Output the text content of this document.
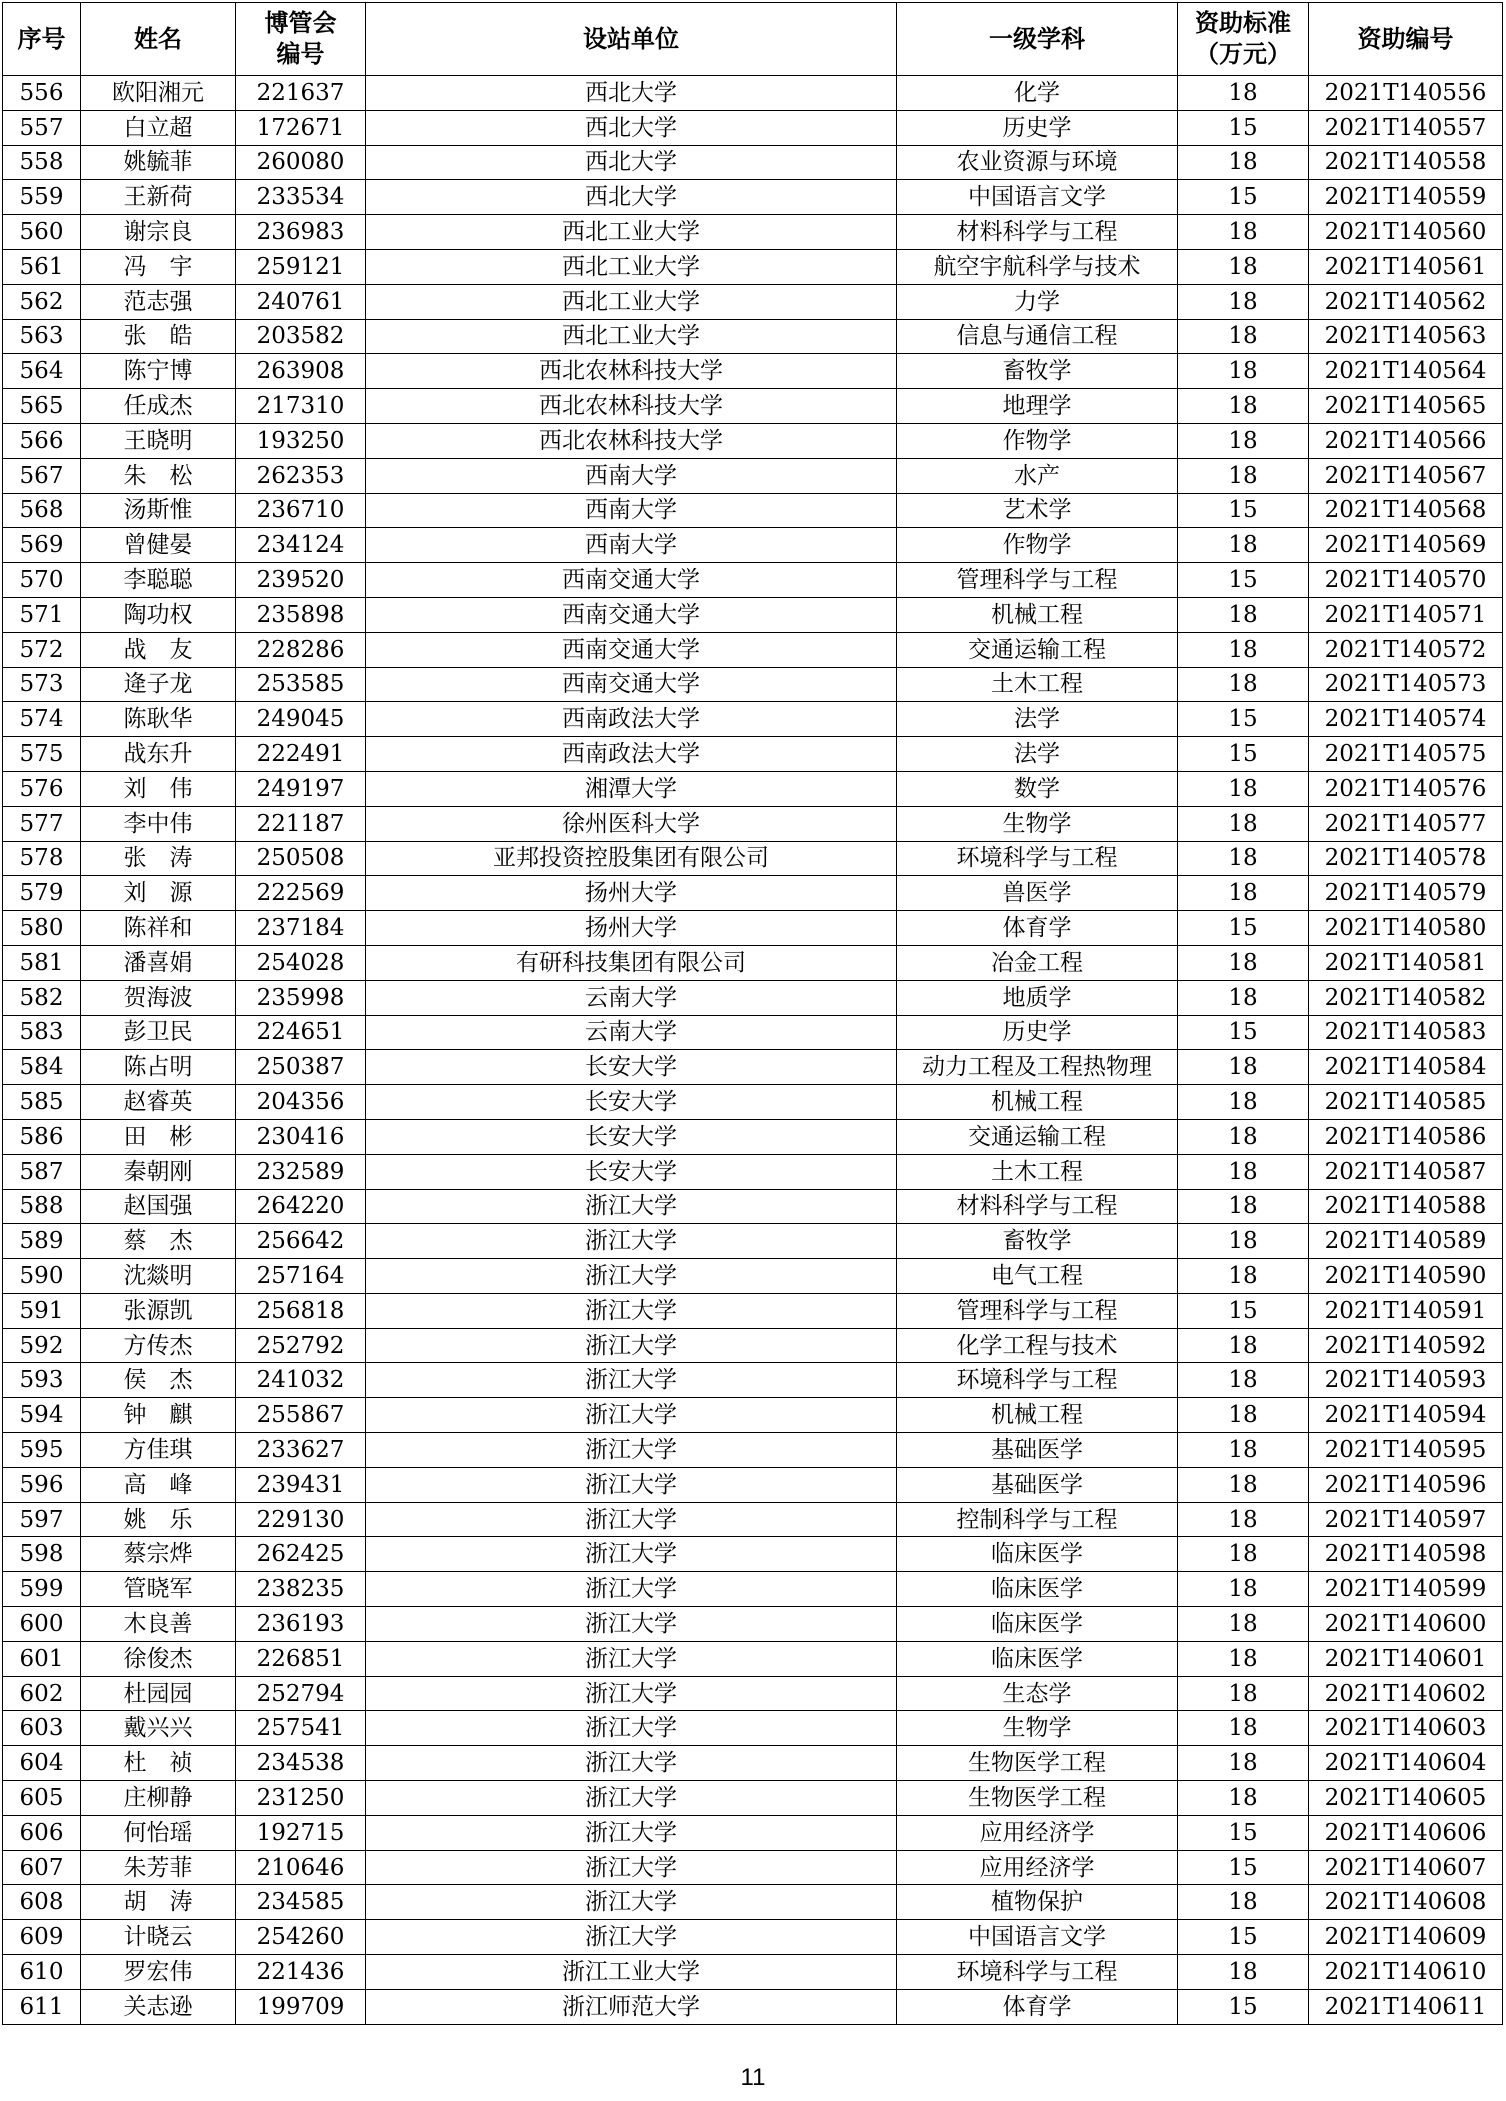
序号	姓名	博管会
编号	设站单位	一级学科	资助标准
（万元）	资助编号
556	欧阳湘元	221637	西北大学	化学	18	2021T140556
557	白立超	172671	西北大学	历史学	15	2021T140557
558	姚毓菲	260080	西北大学	农业资源与环境	18	2021T140558
559	王新荷	233534	西北大学	中国语言文学	15	2021T140559
560	谢宗良	236983	西北工业大学	材料科学与工程	18	2021T140560
561	冯　宇	259121	西北工业大学	航空宇航科学与技术	18	2021T140561
562	范志强	240761	西北工业大学	力学	18	2021T140562
563	张　皓	203582	西北工业大学	信息与通信工程	18	2021T140563
564	陈宁博	263908	西北农林科技大学	畜牧学	18	2021T140564
565	任成杰	217310	西北农林科技大学	地理学	18	2021T140565
566	王晓明	193250	西北农林科技大学	作物学	18	2021T140566
567	朱　松	262353	西南大学	水产	18	2021T140567
568	汤斯惟	236710	西南大学	艺术学	15	2021T140568
569	曾健晏	234124	西南大学	作物学	18	2021T140569
570	李聪聪	239520	西南交通大学	管理科学与工程	15	2021T140570
571	陶功权	235898	西南交通大学	机械工程	18	2021T140571
572	战　友	228286	西南交通大学	交通运输工程	18	2021T140572
573	逄子龙	253585	西南交通大学	土木工程	18	2021T140573
574	陈耿华	249045	西南政法大学	法学	15	2021T140574
575	战东升	222491	西南政法大学	法学	15	2021T140575
576	刘　伟	249197	湘潭大学	数学	18	2021T140576
577	李中伟	221187	徐州医科大学	生物学	18	2021T140577
578	张　涛	250508	亚邦投资控股集团有限公司	环境科学与工程	18	2021T140578
579	刘　源	222569	扬州大学	兽医学	18	2021T140579
580	陈祥和	237184	扬州大学	体育学	15	2021T140580
581	潘喜娟	254028	有研科技集团有限公司	冶金工程	18	2021T140581
582	贺海波	235998	云南大学	地质学	18	2021T140582
583	彭卫民	224651	云南大学	历史学	15	2021T140583
584	陈占明	250387	长安大学	动力工程及工程热物理	18	2021T140584
585	赵睿英	204356	长安大学	机械工程	18	2021T140585
586	田　彬	230416	长安大学	交通运输工程	18	2021T140586
587	秦朝刚	232589	长安大学	土木工程	18	2021T140587
588	赵国强	264220	浙江大学	材料科学与工程	18	2021T140588
589	蔡　杰	256642	浙江大学	畜牧学	18	2021T140589
590	沈燚明	257164	浙江大学	电气工程	18	2021T140590
591	张源凯	256818	浙江大学	管理科学与工程	15	2021T140591
592	方传杰	252792	浙江大学	化学工程与技术	18	2021T140592
593	侯　杰	241032	浙江大学	环境科学与工程	18	2021T140593
594	钟　麒	255867	浙江大学	机械工程	18	2021T140594
595	方佳琪	233627	浙江大学	基础医学	18	2021T140595
596	高　峰	239431	浙江大学	基础医学	18	2021T140596
597	姚　乐	229130	浙江大学	控制科学与工程	18	2021T140597
598	蔡宗烨	262425	浙江大学	临床医学	18	2021T140598
599	管晓军	238235	浙江大学	临床医学	18	2021T140599
600	木良善	236193	浙江大学	临床医学	18	2021T140600
601	徐俊杰	226851	浙江大学	临床医学	18	2021T140601
602	杜园园	252794	浙江大学	生态学	18	2021T140602
603	戴兴兴	257541	浙江大学	生物学	18	2021T140603
604	杜　祯	234538	浙江大学	生物医学工程	18	2021T140604
605	庄柳静	231250	浙江大学	生物医学工程	18	2021T140605
606	何怡瑶	192715	浙江大学	应用经济学	15	2021T140606
607	朱芳菲	210646	浙江大学	应用经济学	15	2021T140607
608	胡　涛	234585	浙江大学	植物保护	18	2021T140608
609	计晓云	254260	浙江大学	中国语言文学	15	2021T140609
610	罗宏伟	221436	浙江工业大学	环境科学与工程	18	2021T140610
611	关志逊	199709	浙江师范大学	体育学	15	2021T140611
11
